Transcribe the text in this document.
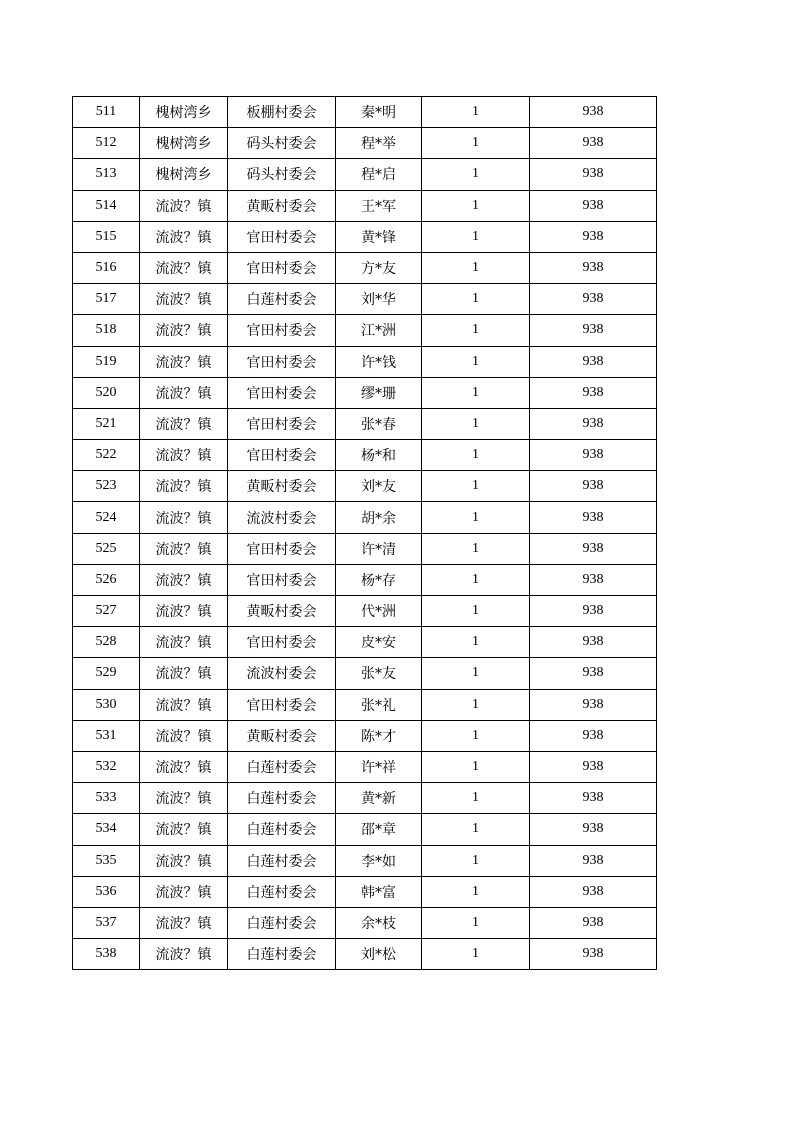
511	槐树湾乡	板棚村委会	秦*明	1	938
512	槐树湾乡	码头村委会	程*举	1	938
513	槐树湾乡	码头村委会	程*启	1	938
514	流波？镇	黄畈村委会	王*军	1	938
515	流波？镇	官田村委会	黄*锋	1	938
516	流波？镇	官田村委会	方*友	1	938
517	流波？镇	白莲村委会	刘*华	1	938
518	流波？镇	官田村委会	江*洲	1	938
519	流波？镇	官田村委会	许*钱	1	938
520	流波？镇	官田村委会	缪*珊	1	938
521	流波？镇	官田村委会	张*春	1	938
522	流波？镇	官田村委会	杨*和	1	938
523	流波？镇	黄畈村委会	刘*友	1	938
524	流波？镇	流波村委会	胡*余	1	938
525	流波？镇	官田村委会	许*清	1	938
526	流波？镇	官田村委会	杨*存	1	938
527	流波？镇	黄畈村委会	代*洲	1	938
528	流波？镇	官田村委会	皮*安	1	938
529	流波？镇	流波村委会	张*友	1	938
530	流波？镇	官田村委会	张*礼	1	938
531	流波？镇	黄畈村委会	陈*才	1	938
532	流波？镇	白莲村委会	许*祥	1	938
533	流波？镇	白莲村委会	黄*新	1	938
534	流波？镇	白莲村委会	邵*章	1	938
535	流波？镇	白莲村委会	李*如	1	938
536	流波？镇	白莲村委会	韩*富	1	938
537	流波？镇	白莲村委会	余*枝	1	938
538	流波？镇	白莲村委会	刘*松	1	938
